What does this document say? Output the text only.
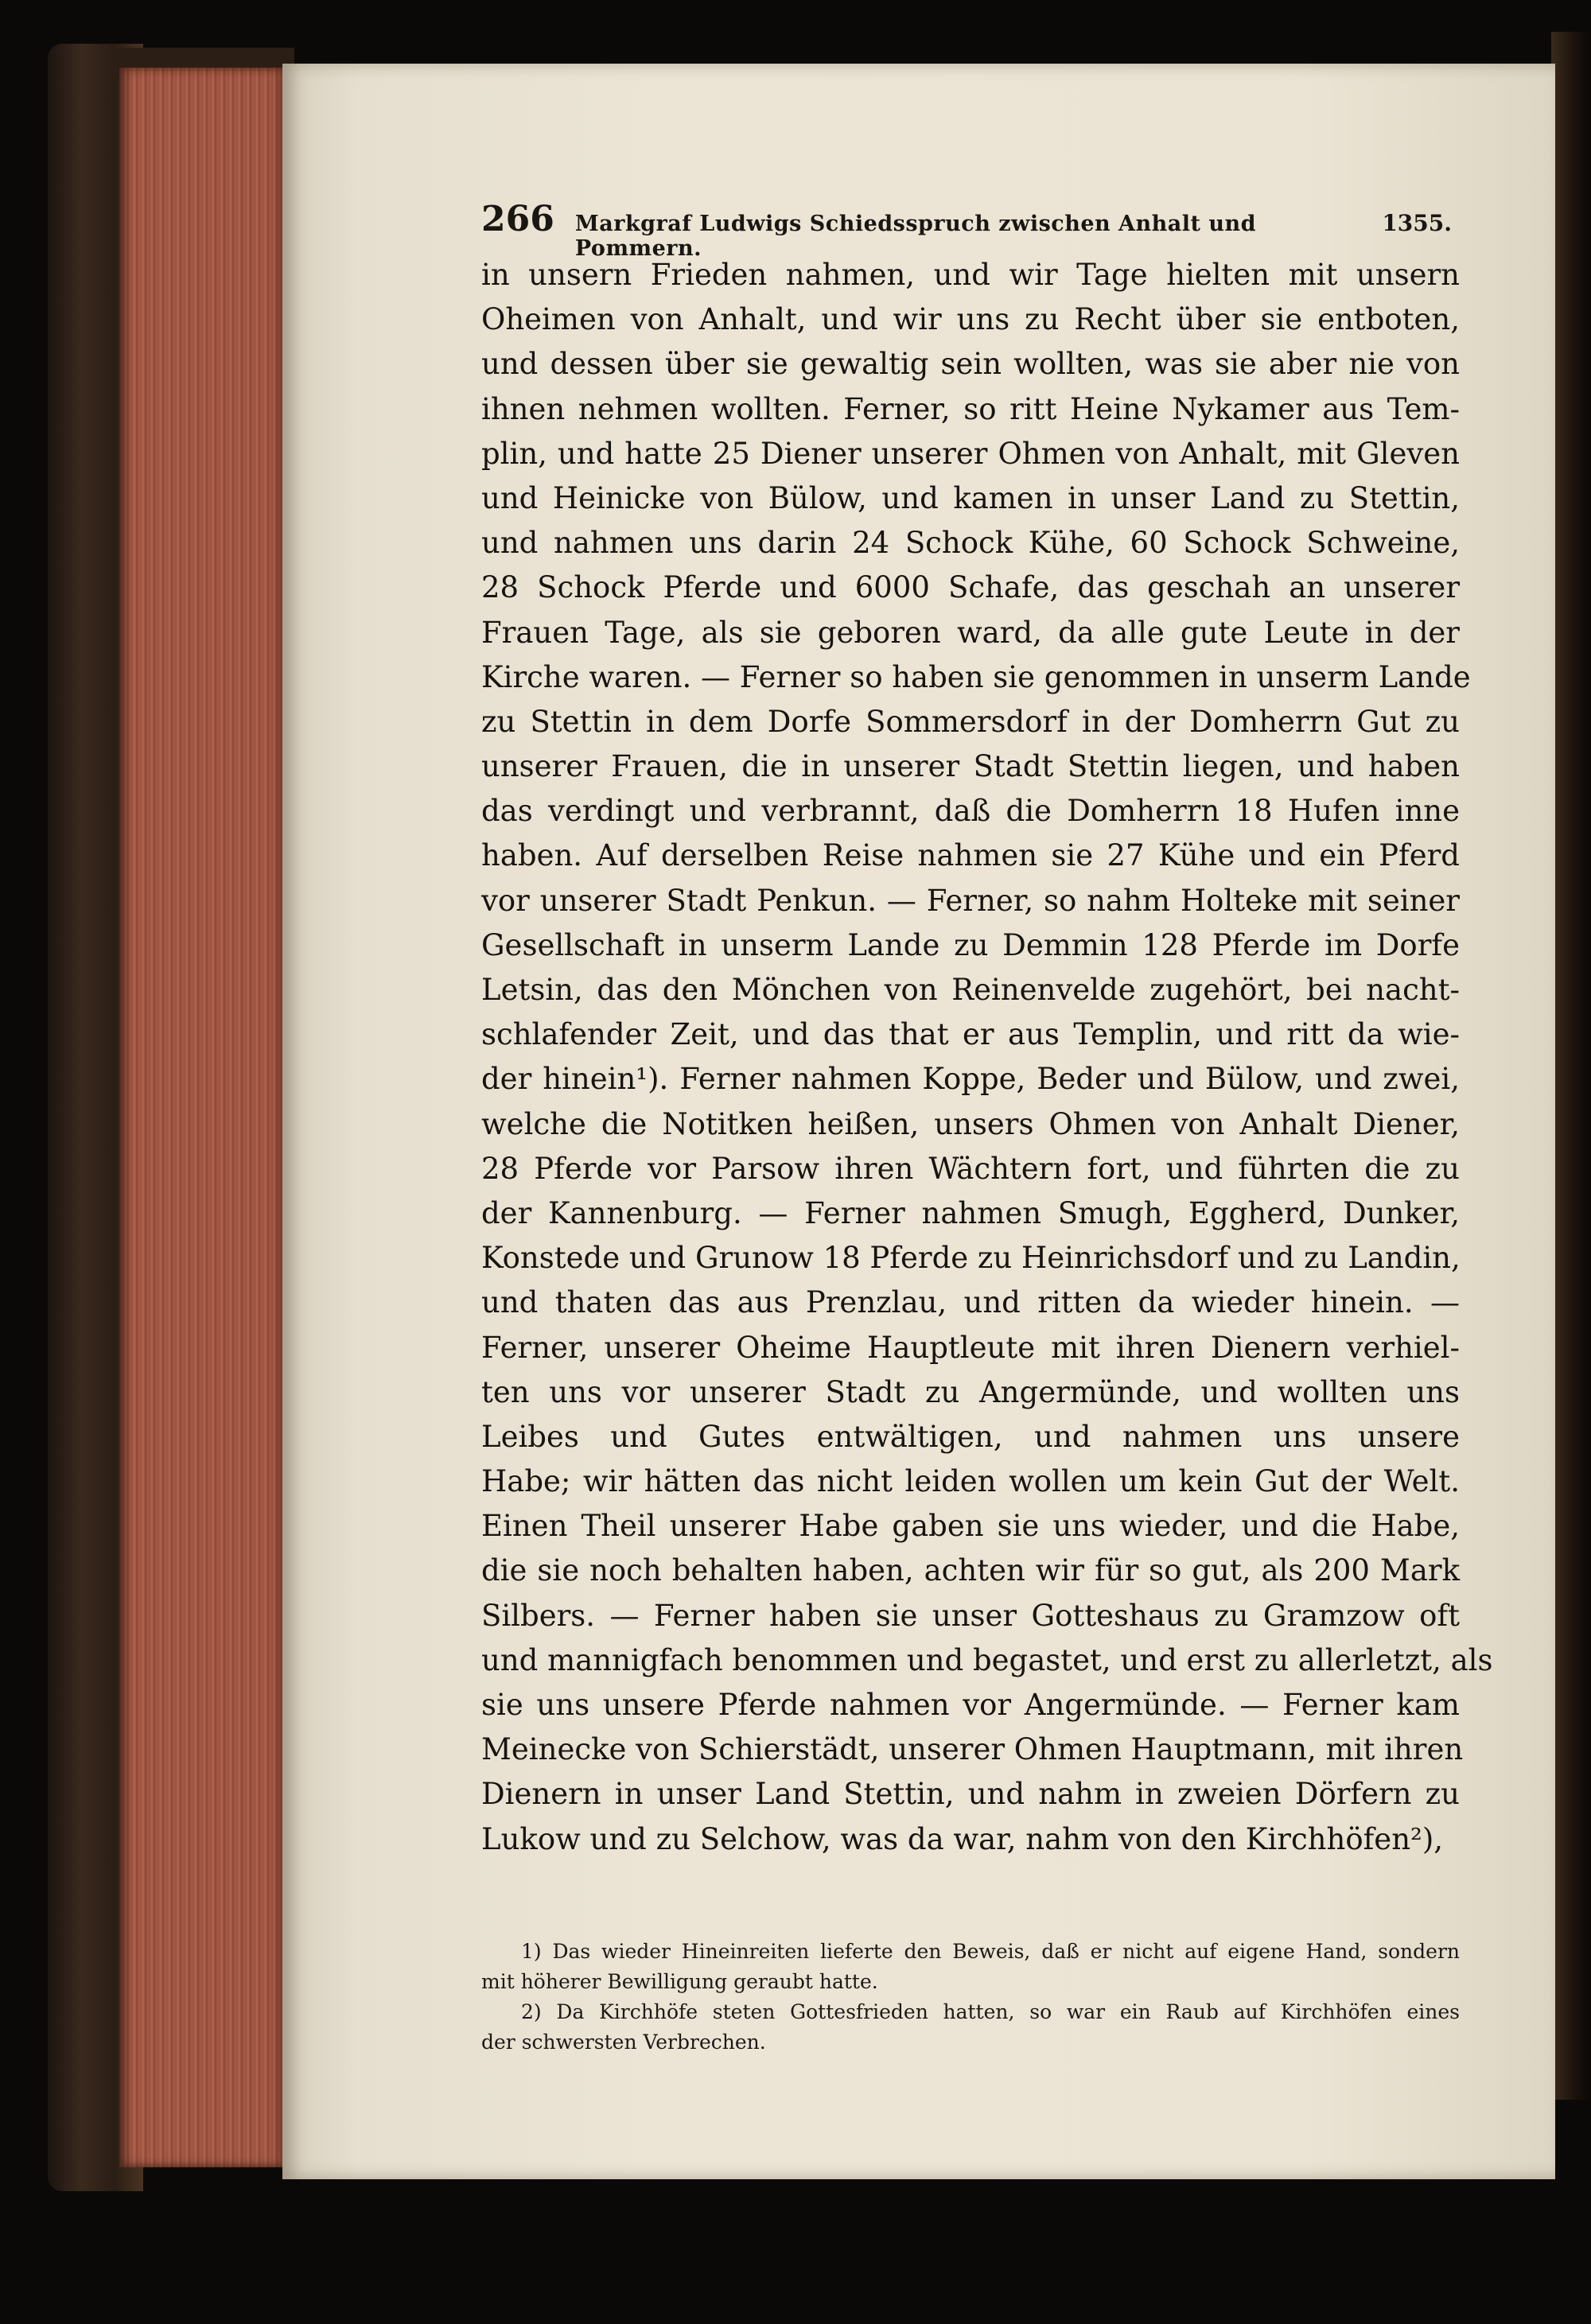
266 Markgraf Ludwigs Schiedsspruch zwischen Anhalt und Pommern.
1355.
in unsern Frieden nahmen, und wir Tage hielten mit unsern
Oheimen von Anhalt, und wir uns zu Recht über sie entboten,
und dessen über sie gewaltig sein wollten, was sie aber nie von
ihnen nehmen wollten. Ferner, so ritt Heine Nykamer aus Tem-
plin, und hatte 25 Diener unserer Ohmen von Anhalt, mit Gleven
und Heinicke von Bülow, und kamen in unser Land zu Stettin,
und nahmen uns darin 24 Schock Kühe, 60 Schock Schweine,
28 Schock Pferde und 6000 Schafe, das geschah an unserer
Frauen Tage, als sie geboren ward, da alle gute Leute in der
Kirche waren. — Ferner so haben sie genommen in unserm Lande
zu Stettin in dem Dorfe Sommersdorf in der Domherrn Gut zu
unserer Frauen, die in unserer Stadt Stettin liegen, und haben
das verdingt und verbrannt, daß die Domherrn 18 Hufen inne
haben. Auf derselben Reise nahmen sie 27 Kühe und ein Pferd
vor unserer Stadt Penkun. — Ferner, so nahm Holteke mit seiner
Gesellschaft in unserm Lande zu Demmin 128 Pferde im Dorfe
Letsin, das den Mönchen von Reinenvelde zugehört, bei nacht-
schlafender Zeit, und das that er aus Templin, und ritt da wie-
der hinein¹). Ferner nahmen Koppe, Beder und Bülow, und zwei,
welche die Notitken heißen, unsers Ohmen von Anhalt Diener,
28 Pferde vor Parsow ihren Wächtern fort, und führten die zu
der Kannenburg. — Ferner nahmen Smugh, Eggherd, Dunker,
Konstede und Grunow 18 Pferde zu Heinrichsdorf und zu Landin,
und thaten das aus Prenzlau, und ritten da wieder hinein. —
Ferner, unserer Oheime Hauptleute mit ihren Dienern verhiel-
ten uns vor unserer Stadt zu Angermünde, und wollten uns
Leibes und Gutes entwältigen, und nahmen uns unsere
Habe; wir hätten das nicht leiden wollen um kein Gut der Welt.
Einen Theil unserer Habe gaben sie uns wieder, und die Habe,
die sie noch behalten haben, achten wir für so gut, als 200 Mark
Silbers. — Ferner haben sie unser Gotteshaus zu Gramzow oft
und mannigfach benommen und begastet, und erst zu allerletzt, als
sie uns unsere Pferde nahmen vor Angermünde. — Ferner kam
Meinecke von Schierstädt, unserer Ohmen Hauptmann, mit ihren
Dienern in unser Land Stettin, und nahm in zweien Dörfern zu
Lukow und zu Selchow, was da war, nahm von den Kirchhöfen²),
1) Das wieder Hineinreiten lieferte den Beweis, daß er nicht auf eigene Hand, sondern
mit höherer Bewilligung geraubt hatte.
2) Da Kirchhöfe steten Gottesfrieden hatten, so war ein Raub auf Kirchhöfen eines
der schwersten Verbrechen.
